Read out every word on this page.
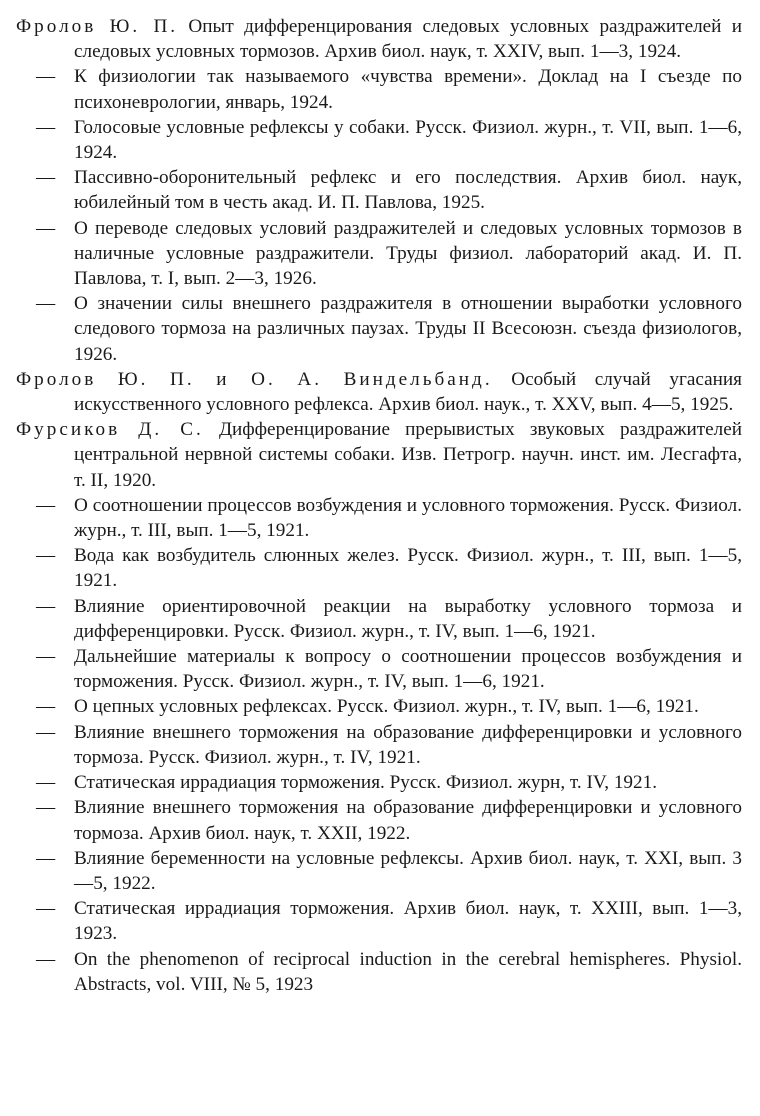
Фролов Ю. П. Опыт дифференцирования следовых условных раздражителей и следовых условных тормозов. Архив биол. наук, т. XXIV, вып. 1—3, 1924.

— К физиологии так называемого «чувства времени». Доклад на I съезде по психоневрологии, январь, 1924.

— Голосовые условные рефлексы у собаки. Русск. Физиол. журн., т. VII, вып. 1—6, 1924.

— Пассивно-оборонительный рефлекс и его последствия. Архив биол. наук, юбилейный том в честь акад. И. П. Павлова, 1925.

— О переводе следовых условий раздражителей и следовых условных тормозов в наличные условные раздражители. Труды физиол. лабораторий акад. И. П. Павлова, т. I, вып. 2—3, 1926.

— О значении силы внешнего раздражителя в отношении выработки условного следового тормоза на различных паузах. Труды II Всесоюзн. съезда физиологов, 1926.

Фролов Ю. П. и О. А. Виндельбанд. Особый случай угасания искусственного условного рефлекса. Архив биол. наук., т. XXV, вып. 4—5, 1925.

Фурсиков Д. С. Дифференцирование прерывистых звуковых раздражителей центральной нервной системы собаки. Изв. Петрогр. научн. инст. им. Лесгафта, т. II, 1920.

— О соотношении процессов возбуждения и условного торможения. Русск. Физиол. журн., т. III, вып. 1—5, 1921.

— Вода как возбудитель слюнных желез. Русск. Физиол. журн., т. III, вып. 1—5, 1921.

— Влияние ориентировочной реакции на выработку условного тормоза и дифференцировки. Русск. Физиол. журн., т. IV, вып. 1—6, 1921.

— Дальнейшие материалы к вопросу о соотношении процессов возбуждения и торможения. Русск. Физиол. журн., т. IV, вып. 1—6, 1921.

— О цепных условных рефлексах. Русск. Физиол. журн., т. IV, вып. 1—6, 1921.

— Влияние внешнего торможения на образование дифференцировки и условного тормоза. Русск. Физиол. журн., т. IV, 1921.

— Статическая иррадиация торможения. Русск. Физиол. журн, т. IV, 1921.

— Влияние внешнего торможения на образование дифференцировки и условного тормоза. Архив биол. наук, т. XXII, 1922.

— Влияние беременности на условные рефлексы. Архив биол. наук, т. XXI, вып. 3—5, 1922.

— Статическая иррадиация торможения. Архив биол. наук, т. XXIII, вып. 1—3, 1923.

— On the phenomenon of reciprocal induction in the cerebral hemispheres. Physiol. Abstracts, vol. VIII, № 5, 1923
